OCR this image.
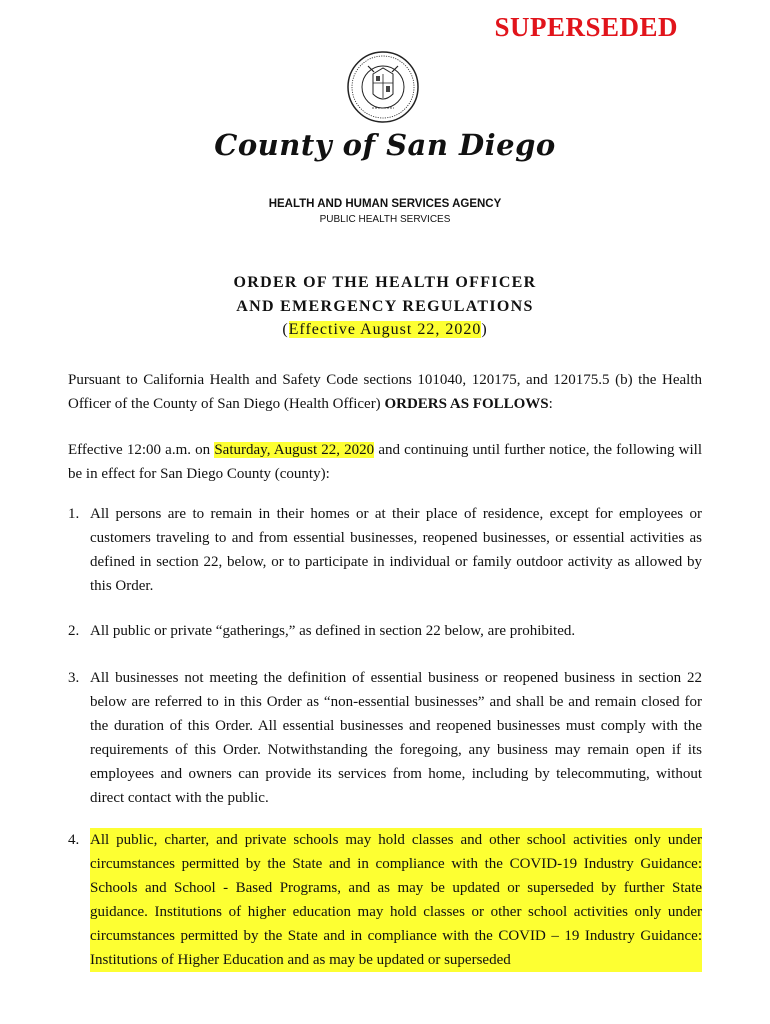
SUPERSEDED
County of San Diego
HEALTH AND HUMAN SERVICES AGENCY
PUBLIC HEALTH SERVICES
ORDER OF THE HEALTH OFFICER
AND EMERGENCY REGULATIONS
(Effective August 22, 2020)

Pursuant to California Health and Safety Code sections 101040, 120175, and 120175.5 (b) the Health Officer of the County of San Diego (Health Officer) ORDERS AS FOLLOWS:

Effective 12:00 a.m. on Saturday, August 22, 2020 and continuing until further notice, the following will be in effect for San Diego County (county):

1. All persons are to remain in their homes or at their place of residence, except for employees or customers traveling to and from essential businesses, reopened businesses, or essential activities as defined in section 22, below, or to participate in individual or family outdoor activity as allowed by this Order.

2. All public or private “gatherings,” as defined in section 22 below, are prohibited.

3. All businesses not meeting the definition of essential business or reopened business in section 22 below are referred to in this Order as “non-essential businesses” and shall be and remain closed for the duration of this Order. All essential businesses and reopened businesses must comply with the requirements of this Order. Notwithstanding the foregoing, any business may remain open if its employees and owners can provide its services from home, including by telecommuting, without direct contact with the public.

4. All public, charter, and private schools may hold classes and other school activities only under circumstances permitted by the State and in compliance with the COVID-19 Industry Guidance: Schools and School - Based Programs, and as may be updated or superseded by further State guidance. Institutions of higher education may hold classes or other school activities only under circumstances permitted by the State and in compliance with the COVID – 19 Industry Guidance: Institutions of Higher Education and as may be updated or superseded
